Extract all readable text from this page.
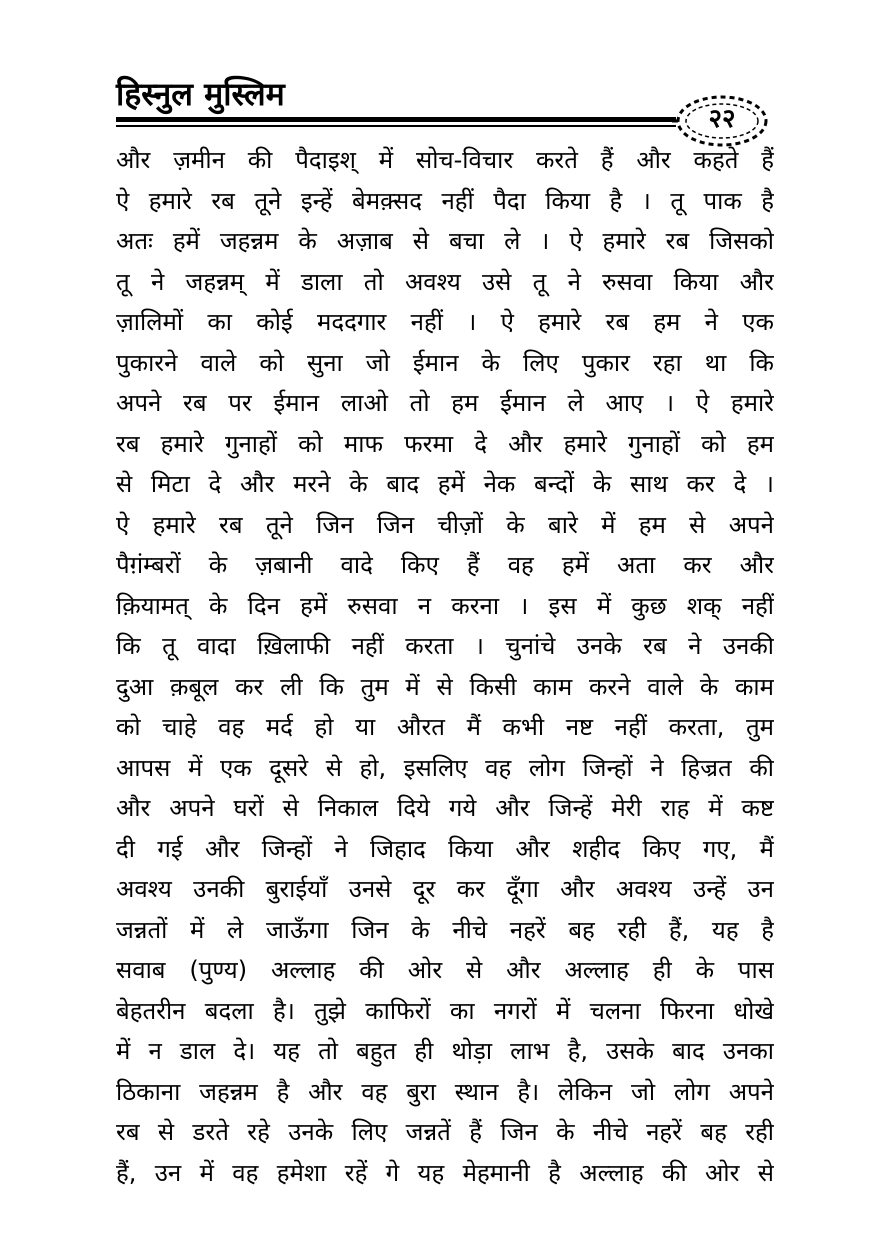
हिस्नुल मुस्लिम
२२
और ज़मीन की पैदाइश् में सोच-विचार करते हैं और कहते हैं
ऐ हमारे रब तूने इन्हें बेमक़्सद नहीं पैदा किया है । तू पाक है
अतः हमें जहन्नम के अज़ाब से बचा ले । ऐ हमारे रब जिसको
तू ने जहन्नम् में डाला तो अवश्य उसे तू ने रुसवा किया और
ज़ालिमों का कोई मददगार नहीं । ऐ हमारे रब हम ने एक
पुकारने वाले को सुना जो ईमान के लिए पुकार रहा था कि
अपने रब पर ईमान लाओ तो हम ईमान ले आए । ऐ हमारे
रब हमारे गुनाहों को माफ फरमा दे और हमारे गुनाहों को हम
से मिटा दे और मरने के बाद हमें नेक बन्दों के साथ कर दे ।
ऐ हमारे रब तूने जिन जिन चीज़ों के बारे में हम से अपने
पैग़ंम्बरों के ज़बानी वादे किए हैं वह हमें अता कर और
क़ियामत् के दिन हमें रुसवा न करना । इस में कुछ शक् नहीं
कि तू वादा ख़िलाफी नहीं करता । चुनांचे उनके रब ने उनकी
दुआ क़बूल कर ली कि तुम में से किसी काम करने वाले के काम
को चाहे वह मर्द हो या औरत मैं कभी नष्ट नहीं करता, तुम
आपस में एक दूसरे से हो, इसलिए वह लोग जिन्हों ने हिज्रत की
और अपने घरों से निकाल दिये गये और जिन्हें मेरी राह में कष्ट
दी गई और जिन्हों ने जिहाद किया और शहीद किए गए, मैं
अवश्य उनकी बुराईयाँ उनसे दूर कर दूँगा और अवश्य उन्हें उन
जन्नतों में ले जाऊँगा जिन के नीचे नहरें बह रही हैं, यह है
सवाब (पुण्य) अल्लाह की ओर से और अल्लाह ही के पास
बेहतरीन बदला है। तुझे काफिरों का नगरों में चलना फिरना धोखे
में न डाल दे। यह तो बहुत ही थोड़ा लाभ है, उसके बाद उनका
ठिकाना जहन्नम है और वह बुरा स्थान है। लेकिन जो लोग अपने
रब से डरते रहे उनके लिए जन्नतें हैं जिन के नीचे नहरें बह रही
हैं, उन में वह हमेशा रहें गे यह मेहमानी है अल्लाह की ओर से
